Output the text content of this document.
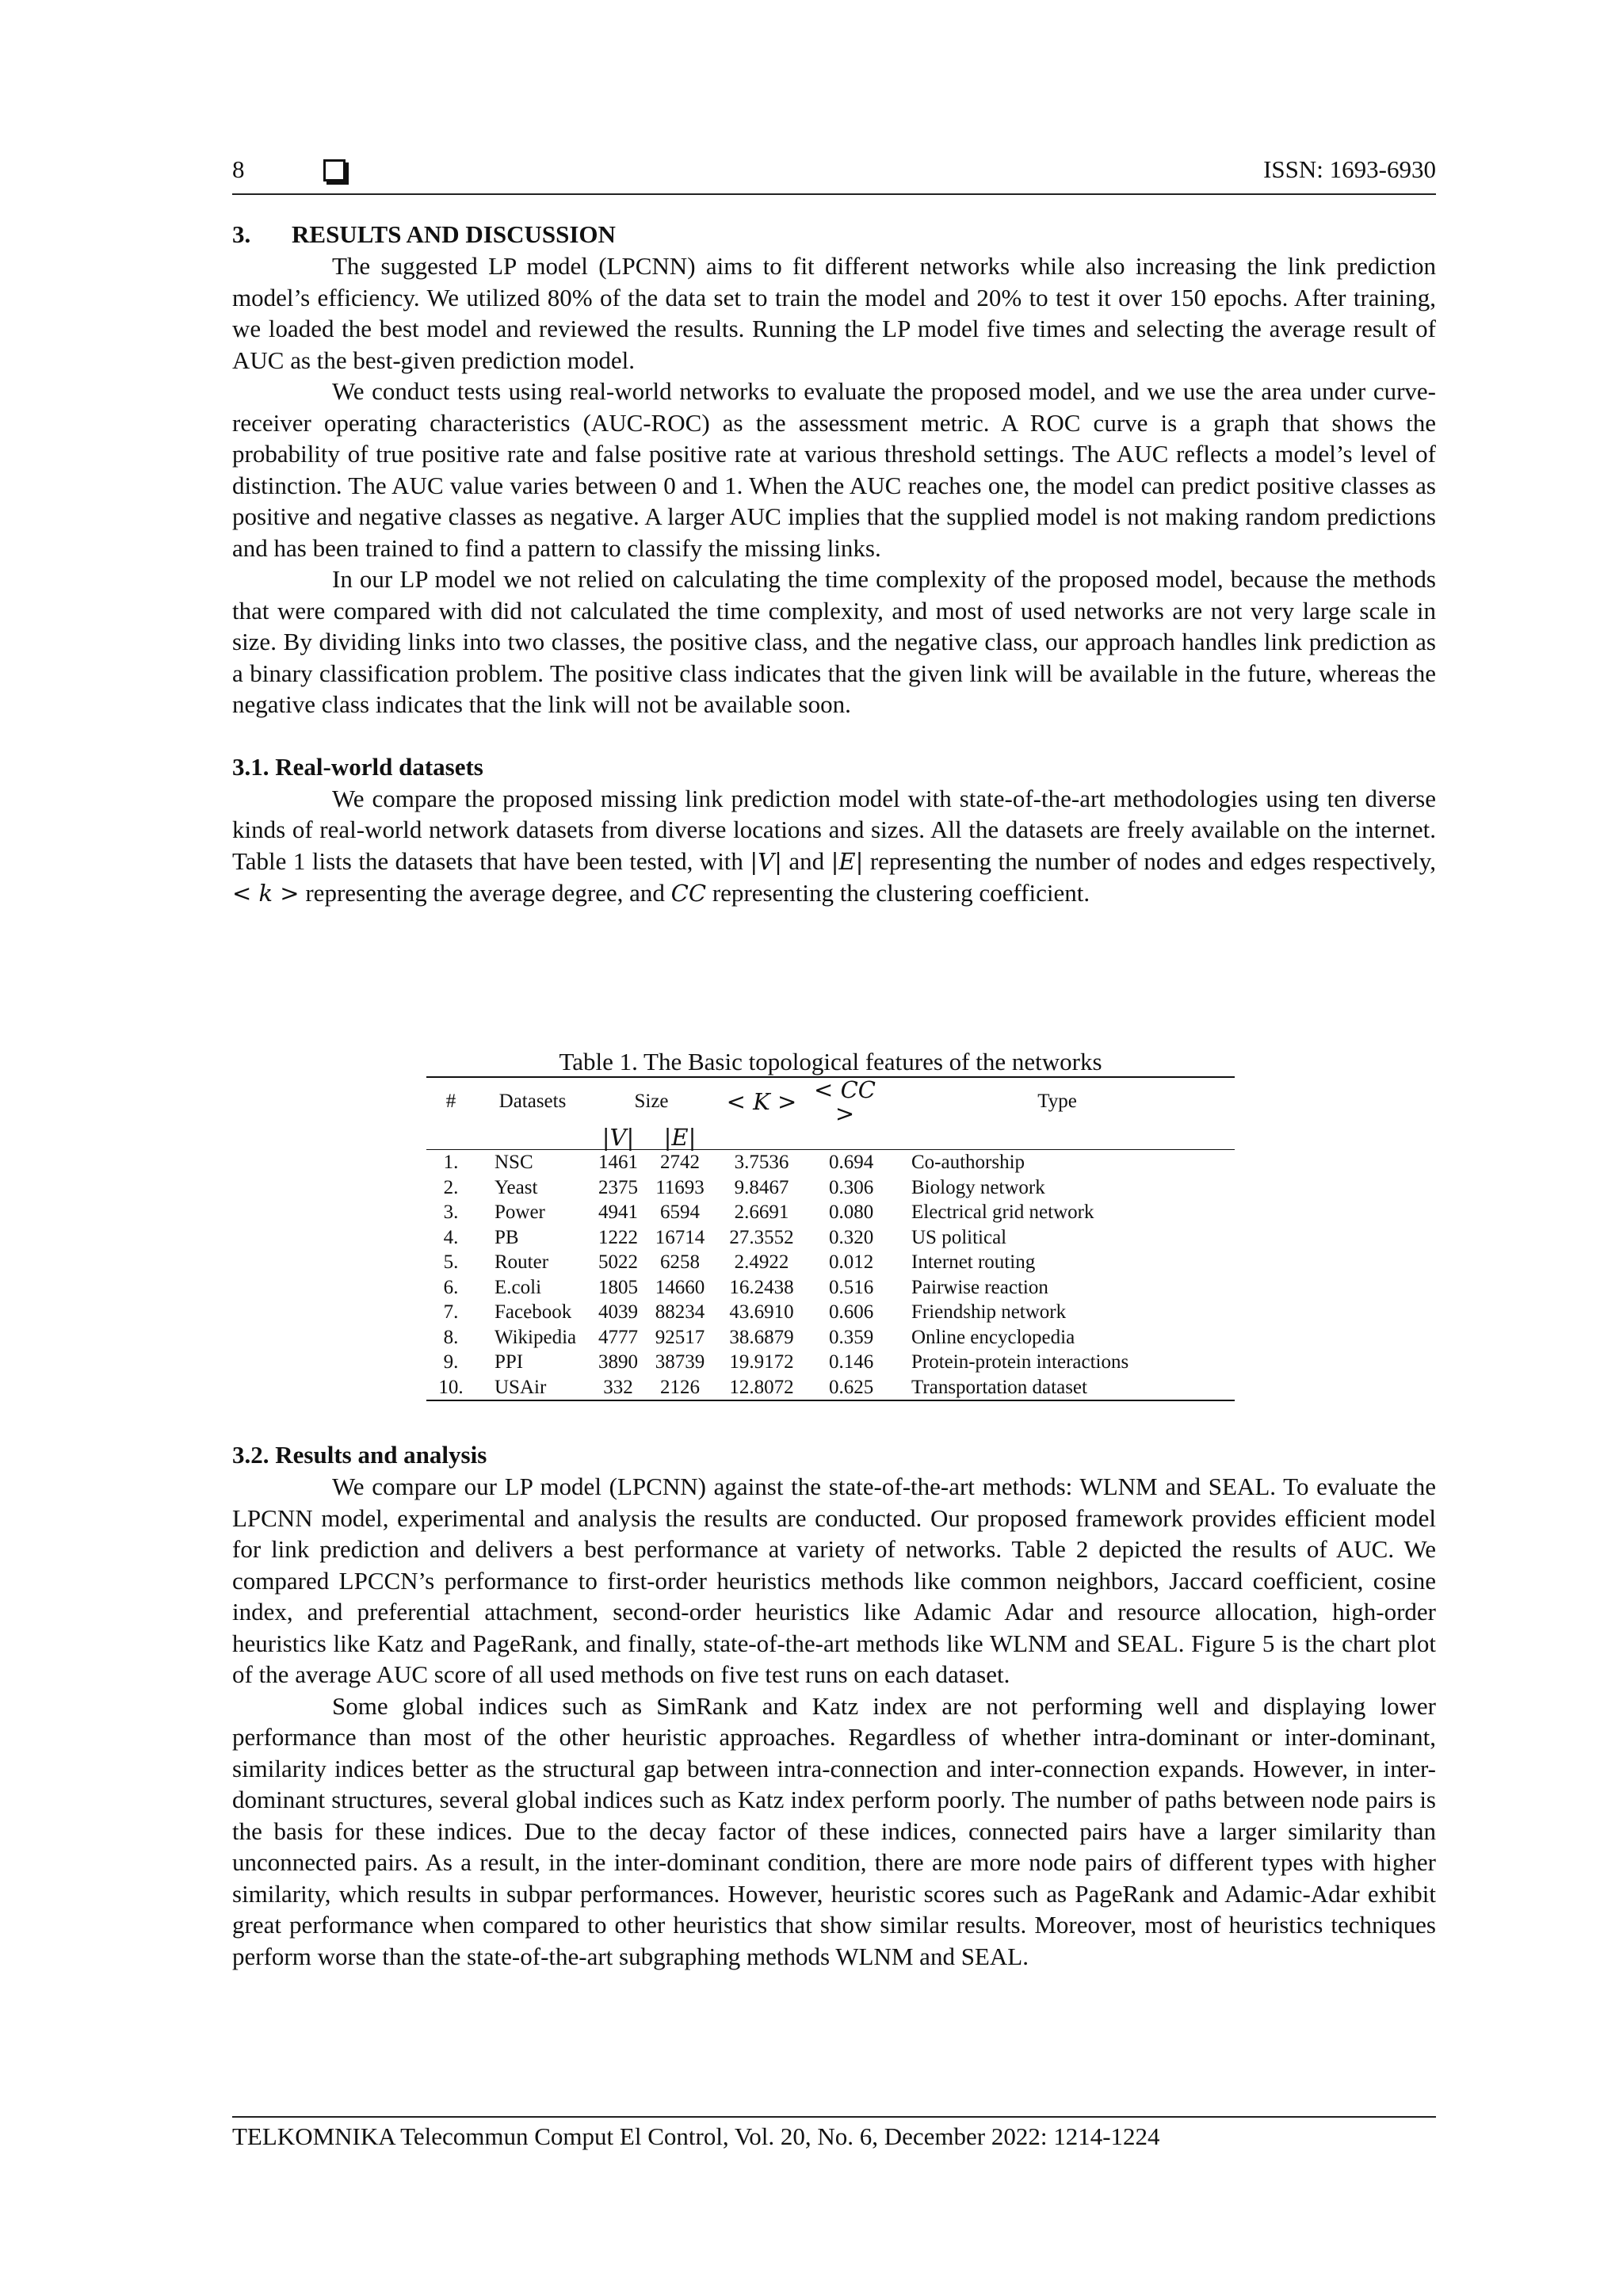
8	ISSN: 1693-6930
3. RESULTS AND DISCUSSION

The suggested LP model (LPCNN) aims to fit different networks while also increasing the link prediction model’s efficiency. We utilized 80% of the data set to train the model and 20% to test it over 150 epochs. After training, we loaded the best model and reviewed the results. Running the LP model five times and selecting the average result of AUC as the best-given prediction model.

We conduct tests using real-world networks to evaluate the proposed model, and we use the area under curve-receiver operating characteristics (AUC-ROC) as the assessment metric. A ROC curve is a graph that shows the probability of true positive rate and false positive rate at various threshold settings. The AUC reflects a model’s level of distinction. The AUC value varies between 0 and 1. When the AUC reaches one, the model can predict positive classes as positive and negative classes as negative. A larger AUC implies that the supplied model is not making random predictions and has been trained to find a pattern to classify the missing links.

In our LP model we not relied on calculating the time complexity of the proposed model, because the methods that were compared with did not calculated the time complexity, and most of used networks are not very large scale in size. By dividing links into two classes, the positive class, and the negative class, our approach handles link prediction as a binary classification problem. The positive class indicates that the given link will be available in the future, whereas the negative class indicates that the link will not be available soon.

3.1. Real-world datasets

We compare the proposed missing link prediction model with state-of-the-art methodologies using ten diverse kinds of real-world network datasets from diverse locations and sizes. All the datasets are freely available on the internet. Table 1 lists the datasets that have been tested, with |V| and |E| representing the number of nodes and edges respectively, < k > representing the average degree, and CC representing the clustering coefficient.

Table 1. The Basic topological features of the networks
#	Datasets	Size		< K >	< CC >	Type
		|V|	|E|			
1.	NSC	1461	2742	3.7536	0.694	Co-authorship
2.	Yeast	2375	11693	9.8467	0.306	Biology network
3.	Power	4941	6594	2.6691	0.080	Electrical grid network
4.	PB	1222	16714	27.3552	0.320	US political
5.	Router	5022	6258	2.4922	0.012	Internet routing
6.	E.coli	1805	14660	16.2438	0.516	Pairwise reaction
7.	Facebook	4039	88234	43.6910	0.606	Friendship network
8.	Wikipedia	4777	92517	38.6879	0.359	Online encyclopedia
9.	PPI	3890	38739	19.9172	0.146	Protein-protein interactions
10.	USAir	332	2126	12.8072	0.625	Transportation dataset
3.2. Results and analysis

We compare our LP model (LPCNN) against the state-of-the-art methods: WLNM and SEAL. To evaluate the LPCNN model, experimental and analysis the results are conducted. Our proposed framework provides efficient model for link prediction and delivers a best performance at variety of networks. Table 2 depicted the results of AUC. We compared LPCCN’s performance to first-order heuristics methods like common neighbors, Jaccard coefficient, cosine index, and preferential attachment, second-order heuristics like Adamic Adar and resource allocation, high-order heuristics like Katz and PageRank, and finally, state-of-the-art methods like WLNM and SEAL. Figure 5 is the chart plot of the average AUC score of all used methods on five test runs on each dataset.

Some global indices such as SimRank and Katz index are not performing well and displaying lower performance than most of the other heuristic approaches. Regardless of whether intra-dominant or inter-dominant, similarity indices better as the structural gap between intra-connection and inter-connection expands. However, in inter-dominant structures, several global indices such as Katz index perform poorly. The number of paths between node pairs is the basis for these indices. Due to the decay factor of these indices, connected pairs have a larger similarity than unconnected pairs. As a result, in the inter-dominant condition, there are more node pairs of different types with higher similarity, which results in subpar performances. However, heuristic scores such as PageRank and Adamic-Adar exhibit great performance when compared to other heuristics that show similar results. Moreover, most of heuristics techniques perform worse than the state-of-the-art subgraphing methods WLNM and SEAL.

TELKOMNIKA Telecommun Comput El Control, Vol. 20, No. 6, December 2022: 1214-1224
